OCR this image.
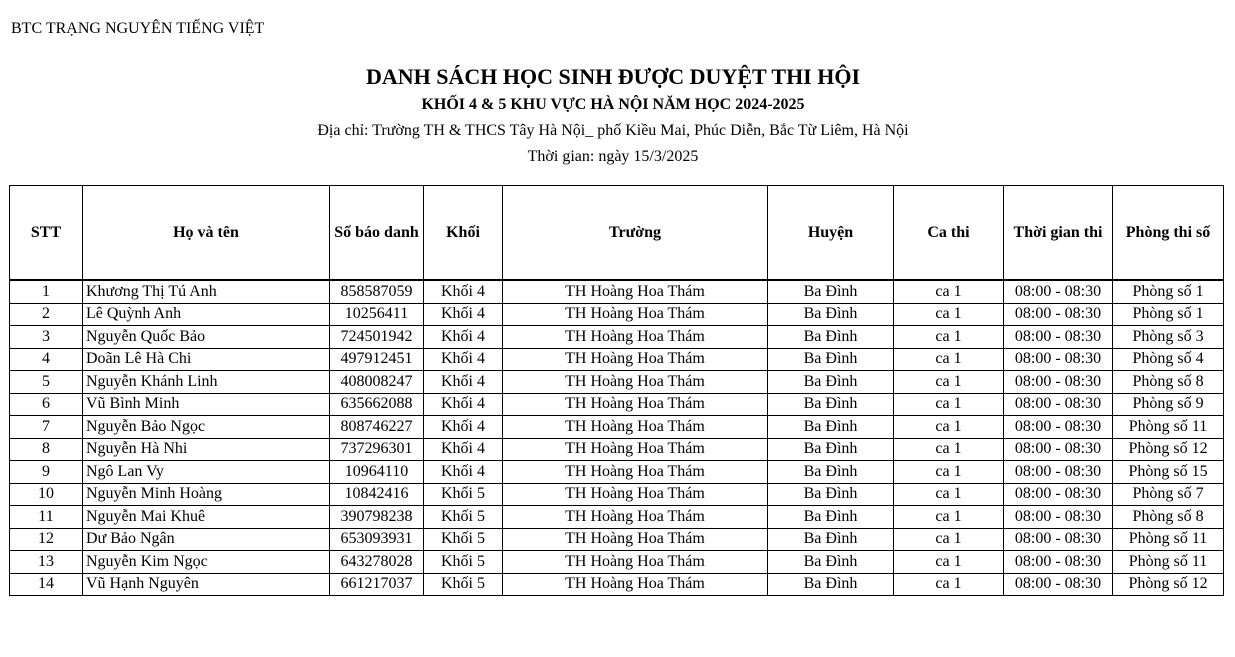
BTC TRẠNG NGUYÊN TIẾNG VIỆT
DANH SÁCH HỌC SINH ĐƯỢC DUYỆT THI HỘI
KHỐI 4 & 5 KHU VỰC HÀ NỘI NĂM HỌC 2024-2025
Địa chỉ: Trường TH & THCS Tây Hà Nội_ phố Kiều Mai, Phúc Diễn, Bắc Từ Liêm, Hà Nội
Thời gian: ngày 15/3/2025
STT	Họ và tên	Số báo danh	Khối	Trường	Huyện	Ca thi	Thời gian thi	Phòng thi số
1	Khương Thị Tú Anh	858587059	Khối 4	TH Hoàng Hoa Thám	Ba Đình	ca 1	08:00 - 08:30	Phòng số 1
2	Lê Quỳnh Anh	10256411	Khối 4	TH Hoàng Hoa Thám	Ba Đình	ca 1	08:00 - 08:30	Phòng số 1
3	Nguyễn Quốc Bảo	724501942	Khối 4	TH Hoàng Hoa Thám	Ba Đình	ca 1	08:00 - 08:30	Phòng số 3
4	Doãn Lê Hà Chi	497912451	Khối 4	TH Hoàng Hoa Thám	Ba Đình	ca 1	08:00 - 08:30	Phòng số 4
5	Nguyễn Khánh Linh	408008247	Khối 4	TH Hoàng Hoa Thám	Ba Đình	ca 1	08:00 - 08:30	Phòng số 8
6	Vũ Bình Minh	635662088	Khối 4	TH Hoàng Hoa Thám	Ba Đình	ca 1	08:00 - 08:30	Phòng số 9
7	Nguyễn Bảo Ngọc	808746227	Khối 4	TH Hoàng Hoa Thám	Ba Đình	ca 1	08:00 - 08:30	Phòng số 11
8	Nguyễn Hà Nhi	737296301	Khối 4	TH Hoàng Hoa Thám	Ba Đình	ca 1	08:00 - 08:30	Phòng số 12
9	Ngô Lan Vy	10964110	Khối 4	TH Hoàng Hoa Thám	Ba Đình	ca 1	08:00 - 08:30	Phòng số 15
10	Nguyễn Minh Hoàng	10842416	Khối 5	TH Hoàng Hoa Thám	Ba Đình	ca 1	08:00 - 08:30	Phòng số 7
11	Nguyễn Mai Khuê	390798238	Khối 5	TH Hoàng Hoa Thám	Ba Đình	ca 1	08:00 - 08:30	Phòng số 8
12	Dư Bảo Ngân	653093931	Khối 5	TH Hoàng Hoa Thám	Ba Đình	ca 1	08:00 - 08:30	Phòng số 11
13	Nguyễn Kim Ngọc	643278028	Khối 5	TH Hoàng Hoa Thám	Ba Đình	ca 1	08:00 - 08:30	Phòng số 11
14	Vũ Hạnh Nguyên	661217037	Khối 5	TH Hoàng Hoa Thám	Ba Đình	ca 1	08:00 - 08:30	Phòng số 12
